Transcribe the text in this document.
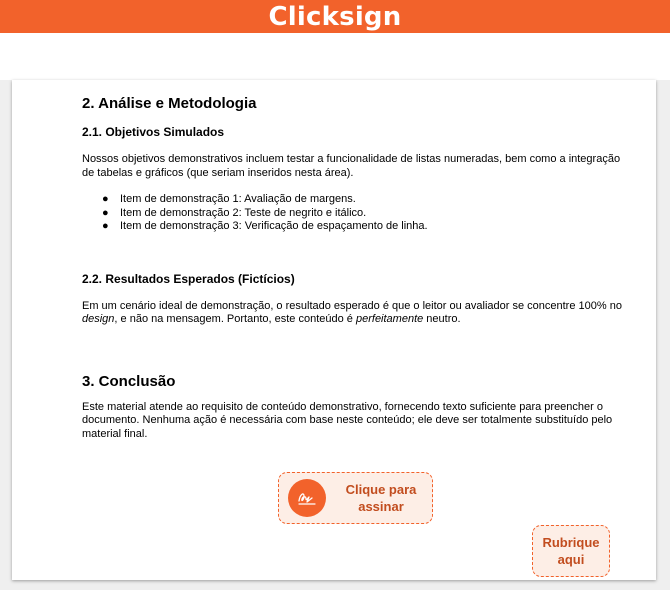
Clicksign
2. Análise e Metodologia
2.1. Objetivos Simulados

Nossos objetivos demonstrativos incluem testar a funcionalidade de listas numeradas, bem como a integração
de tabelas e gráficos (que seriam inseridos nesta área).

● Item de demonstração 1: Avaliação de margens.
● Item de demonstração 2: Teste de negrito e itálico.
● Item de demonstração 3: Verificação de espaçamento de linha.
2.2. Resultados Esperados (Fictícios)

Em um cenário ideal de demonstração, o resultado esperado é que o leitor ou avaliador se concentre 100% no
design, e não na mensagem. Portanto, este conteúdo é perfeitamente neutro.

3. Conclusão

Este material atende ao requisito de conteúdo demonstrativo, fornecendo texto suficiente para preencher o
documento. Nenhuma ação é necessária com base neste conteúdo; ele deve ser totalmente substituído pelo
material final.

Clique para
assinar
Rubrique
aqui
